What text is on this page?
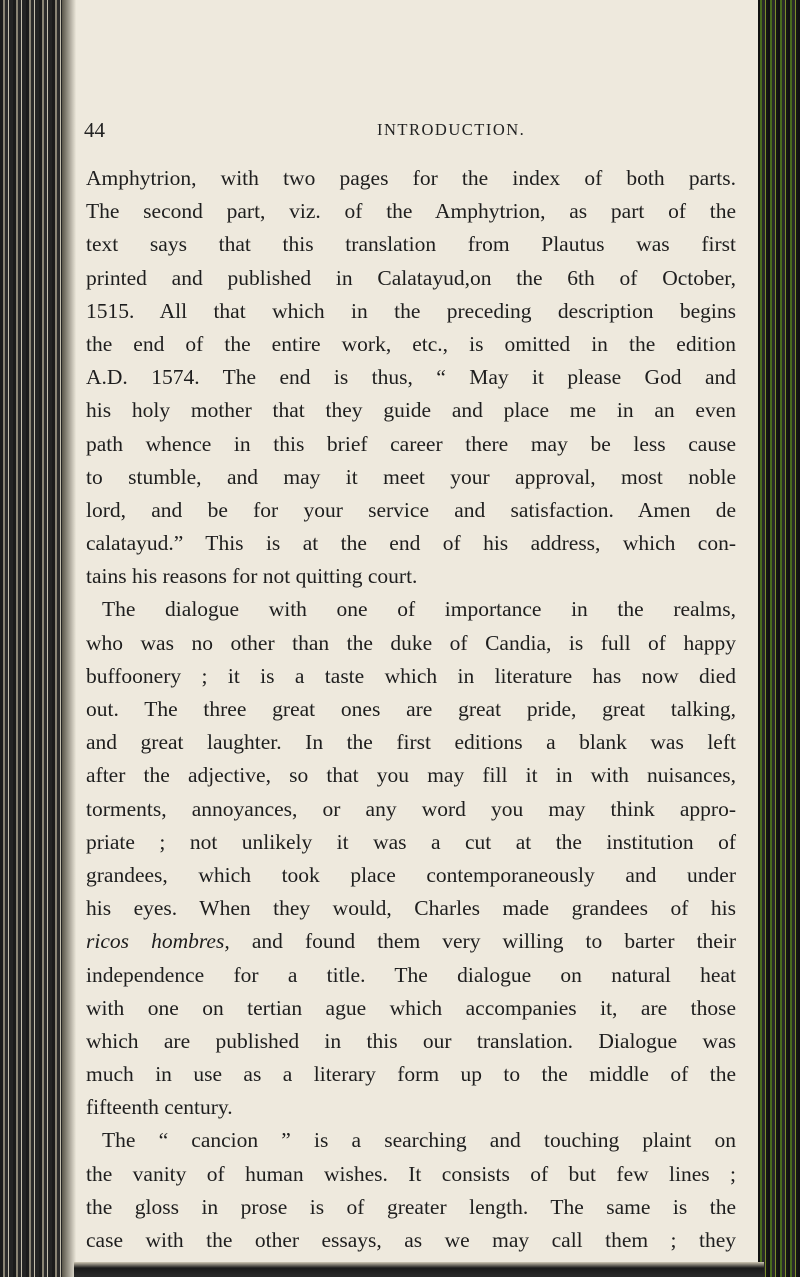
44	INTRODUCTION.
Amphytrion, with two pages for the index of both parts.
The second part, viz. of the Amphytrion, as part of the
text says that this translation from Plautus was first
printed and published in Calatayud,on the 6th of October,
1515. All that which in the preceding description begins
the end of the entire work, etc., is omitted in the edition
A.D. 1574. The end is thus, “ May it please God and
his holy mother that they guide and place me in an even
path whence in this brief career there may be less cause
to stumble, and may it meet your approval, most noble
lord, and be for your service and satisfaction. Amen de
calatayud.” This is at the end of his address, which con-
tains his reasons for not quitting court.
The dialogue with one of importance in the realms,
who was no other than the duke of Candia, is full of happy
buffoonery ; it is a taste which in literature has now died
out. The three great ones are great pride, great talking,
and great laughter. In the first editions a blank was left
after the adjective, so that you may fill it in with nuisances,
torments, annoyances, or any word you may think appro-
priate ; not unlikely it was a cut at the institution of
grandees, which took place contemporaneously and under
his eyes. When they would, Charles made grandees of his
ricos hombres, and found them very willing to barter their
independence for a title. The dialogue on natural heat
with one on tertian ague which accompanies it, are those
which are published in this our translation. Dialogue was
much in use as a literary form up to the middle of the
fifteenth century.
The “ cancion ” is a searching and touching plaint on
the vanity of human wishes. It consists of but few lines ;
the gloss in prose is of greater length. The same is the
case with the other essays, as we may call them ; they
